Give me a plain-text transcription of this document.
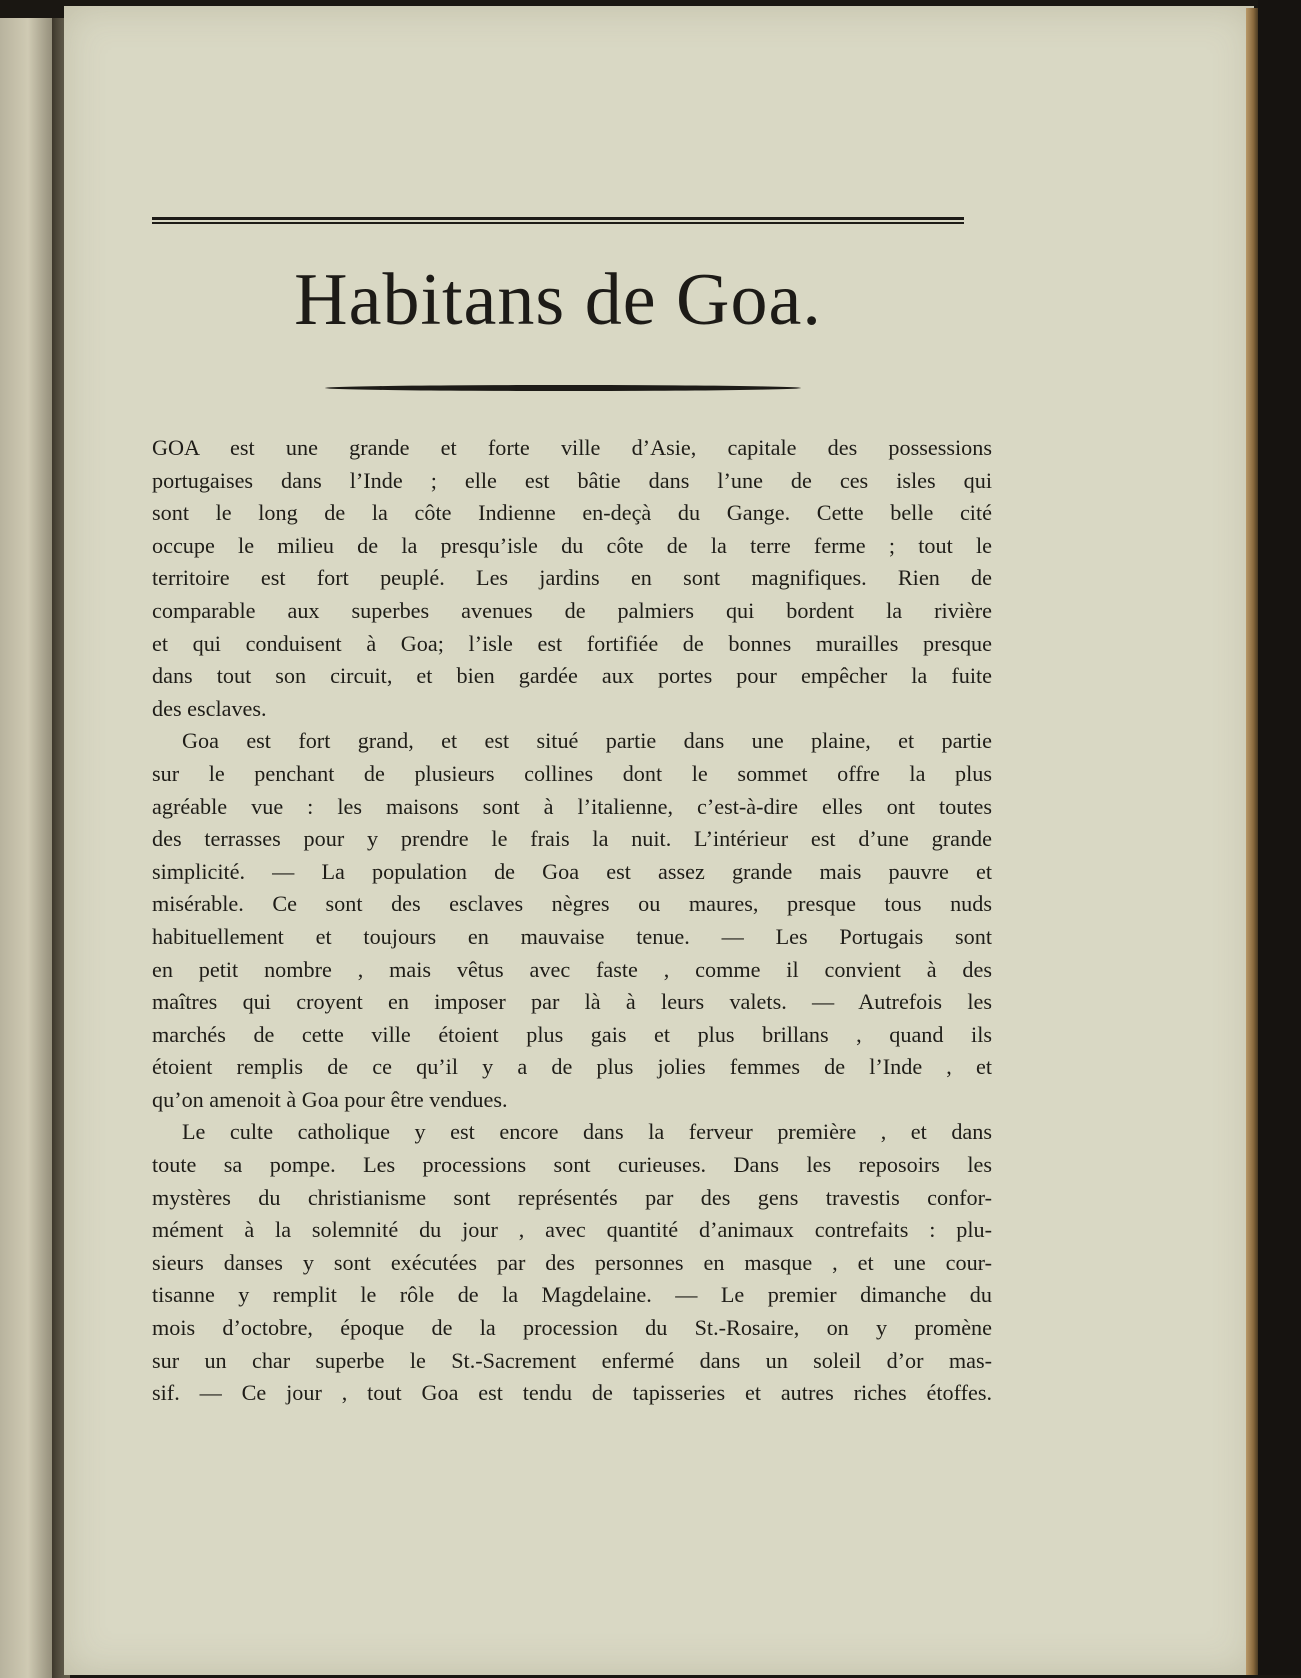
Habitans de Goa.
GOA est une grande et forte ville d’Asie, capitale des possessions
portugaises dans l’Inde ; elle est bâtie dans l’une de ces isles qui
sont le long de la côte Indienne en-deçà du Gange. Cette belle cité
occupe le milieu de la presqu’isle du côte de la terre ferme ; tout le
territoire est fort peuplé. Les jardins en sont magnifiques. Rien de
comparable aux superbes avenues de palmiers qui bordent la rivière
et qui conduisent à Goa; l’isle est fortifiée de bonnes murailles presque
dans tout son circuit, et bien gardée aux portes pour empêcher la fuite
des esclaves.
Goa est fort grand, et est situé partie dans une plaine, et partie
sur le penchant de plusieurs collines dont le sommet offre la plus
agréable vue : les maisons sont à l’italienne, c’est-à-dire elles ont toutes
des terrasses pour y prendre le frais la nuit. L’intérieur est d’une grande
simplicité. — La population de Goa est assez grande mais pauvre et
misérable. Ce sont des esclaves nègres ou maures, presque tous nuds
habituellement et toujours en mauvaise tenue. — Les Portugais sont
en petit nombre , mais vêtus avec faste , comme il convient à des
maîtres qui croyent en imposer par là à leurs valets. — Autrefois les
marchés de cette ville étoient plus gais et plus brillans , quand ils
étoient remplis de ce qu’il y a de plus jolies femmes de l’Inde , et
qu’on amenoit à Goa pour être vendues.
Le culte catholique y est encore dans la ferveur première , et dans
toute sa pompe. Les processions sont curieuses. Dans les reposoirs les
mystères du christianisme sont représentés par des gens travestis confor-
mément à la solemnité du jour , avec quantité d’animaux contrefaits : plu-
sieurs danses y sont exécutées par des personnes en masque , et une cour-
tisanne y remplit le rôle de la Magdelaine. — Le premier dimanche du
mois d’octobre, époque de la procession du St.-Rosaire, on y promène
sur un char superbe le St.-Sacrement enfermé dans un soleil d’or mas-
sif. — Ce jour , tout Goa est tendu de tapisseries et autres riches étoffes.
